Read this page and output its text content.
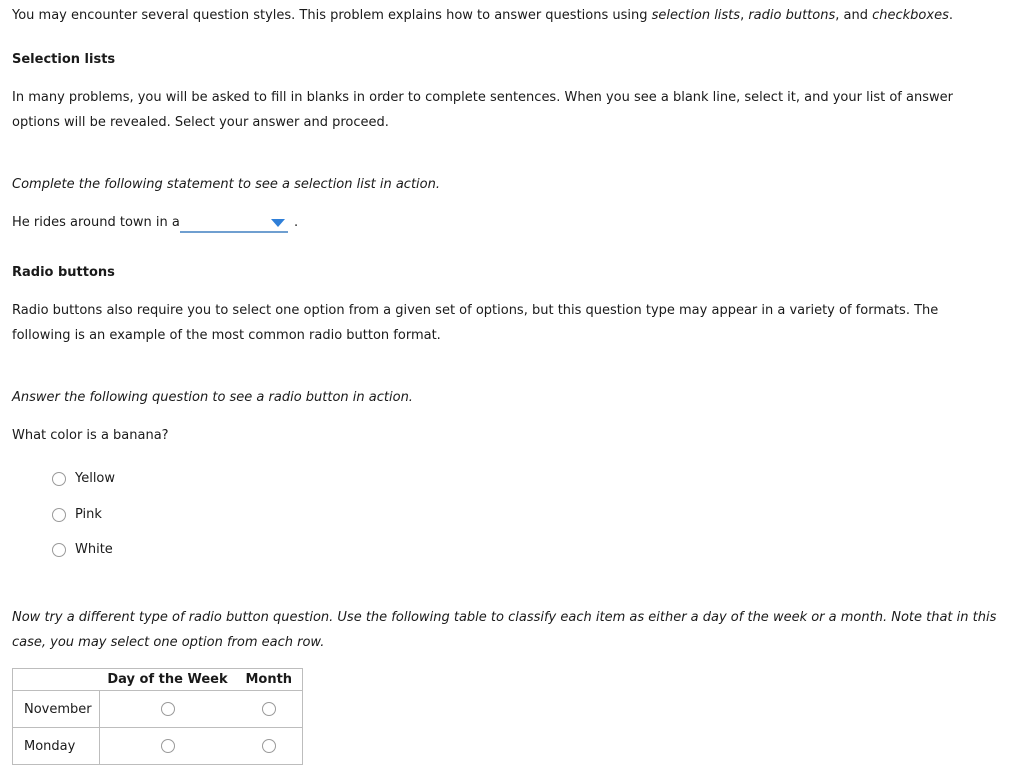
You may encounter several question styles. This problem explains how to answer questions using selection lists, radio buttons, and checkboxes.
Selection lists
In many problems, you will be asked to fill in blanks in order to complete sentences. When you see a blank line, select it, and your list of answer
options will be revealed. Select your answer and proceed.
Complete the following statement to see a selection list in action.
He rides around town in a	.
Radio buttons
Radio buttons also require you to select one option from a given set of options, but this question type may appear in a variety of formats. The
following is an example of the most common radio button format.
Answer the following question to see a radio button in action.
What color is a banana?
Yellow
Pink
White
Now try a different type of radio button question. Use the following table to classify each item as either a day of the week or a month. Note that in this
case, you may select one option from each row.
	Day of the Week	Month
November		
Monday		
